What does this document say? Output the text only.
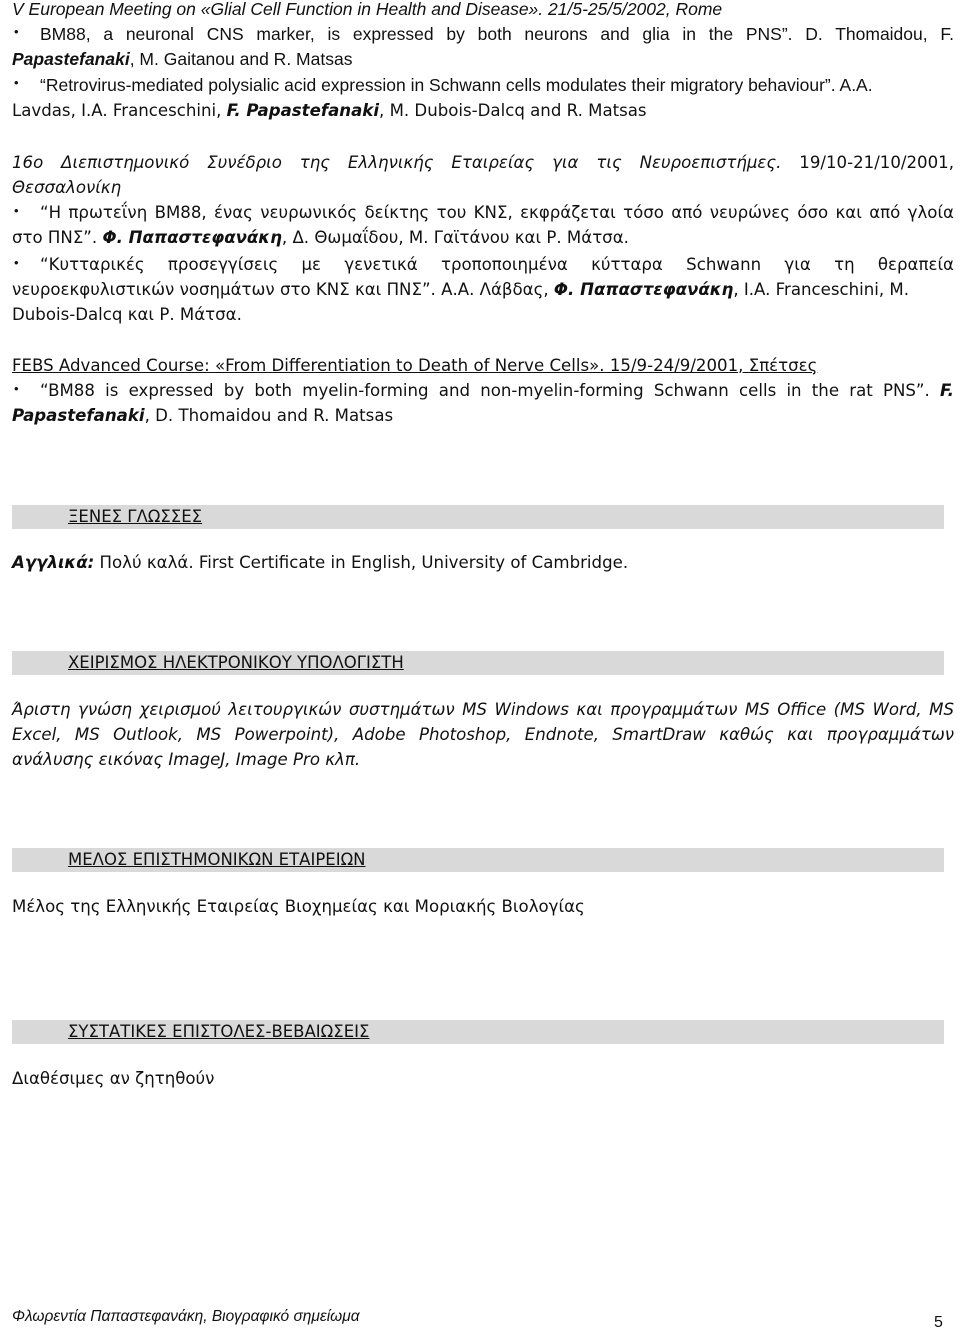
V European Meeting on «Glial Cell Function in Health and Disease». 21/5-25/5/2002, Rome
• BM88, a neuronal CNS marker, is expressed by both neurons and glia in the PNS”. D. Thomaidou, F.
Papastefanaki, M. Gaitanou and R. Matsas
• “Retrovirus-mediated polysialic acid expression in Schwann cells modulates their migratory behaviour”. A.A.
Lavdas, I.A. Franceschini, F. Papastefanaki, M. Dubois-Dalcq and R. Matsas
16ο Διεπιστημονικό Συνέδριο της Ελληνικής Εταιρείας για τις Νευροεπιστήμες. 19/10-21/10/2001,
Θεσσαλονίκη
• “Η πρωτεΐνη BM88, ένας νευρωνικός δείκτης του ΚΝΣ, εκφράζεται τόσο από νευρώνες όσο και από γλοία
στο ΠΝΣ”. Φ. Παπαστεφανάκη, Δ. Θωμαΐδου, Μ. Γαϊτάνου και Ρ. Μάτσα.
• “Κυτταρικές προσεγγίσεις με γενετικά τροποποιημένα κύτταρα Schwann για τη θεραπεία
νευροεκφυλιστικών νοσημάτων στο ΚΝΣ και ΠΝΣ”. Α.Α. Λάβδας, Φ. Παπαστεφανάκη, I.A. Franceschini, M.
Dubois-Dalcq και Ρ. Μάτσα.
FEBS Advanced Course: «From Differentiation to Death of Nerve Cells». 15/9-24/9/2001, Σπέτσες
• “BM88 is expressed by both myelin-forming and non-myelin-forming Schwann cells in the rat PNS”. F.
Papastefanaki, D. Thomaidou and R. Matsas
ΞΕΝΕΣ ΓΛΩΣΣΕΣ
Αγγλικά: Πολύ καλά. First Certificate in English, University of Cambridge.
ΧΕΙΡΙΣΜΟΣ ΗΛΕΚΤΡΟΝΙΚΟΥ ΥΠΟΛΟΓΙΣΤΗ
Άριστη γνώση χειρισμού λειτουργικών συστημάτων MS Windows και προγραμμάτων MS Office (MS Word, MS
Excel, MS Outlook, MS Powerpoint), Adobe Photoshop, Endnote, SmartDraw καθώς και προγραμμάτων
ανάλυσης εικόνας ImageJ, Image Pro κλπ.
ΜΕΛΟΣ ΕΠΙΣΤΗΜΟΝΙΚΩΝ ΕΤΑΙΡΕΙΩΝ
Μέλος της Ελληνικής Εταιρείας Βιοχημείας και Μοριακής Βιολογίας
ΣΥΣΤΑΤΙΚΕΣ ΕΠΙΣΤΟΛΕΣ-ΒΕΒΑΙΩΣΕΙΣ
Διαθέσιμες αν ζητηθούν
Φλωρεντία Παπαστεφανάκη, Βιογραφικό σημείωμα	5
